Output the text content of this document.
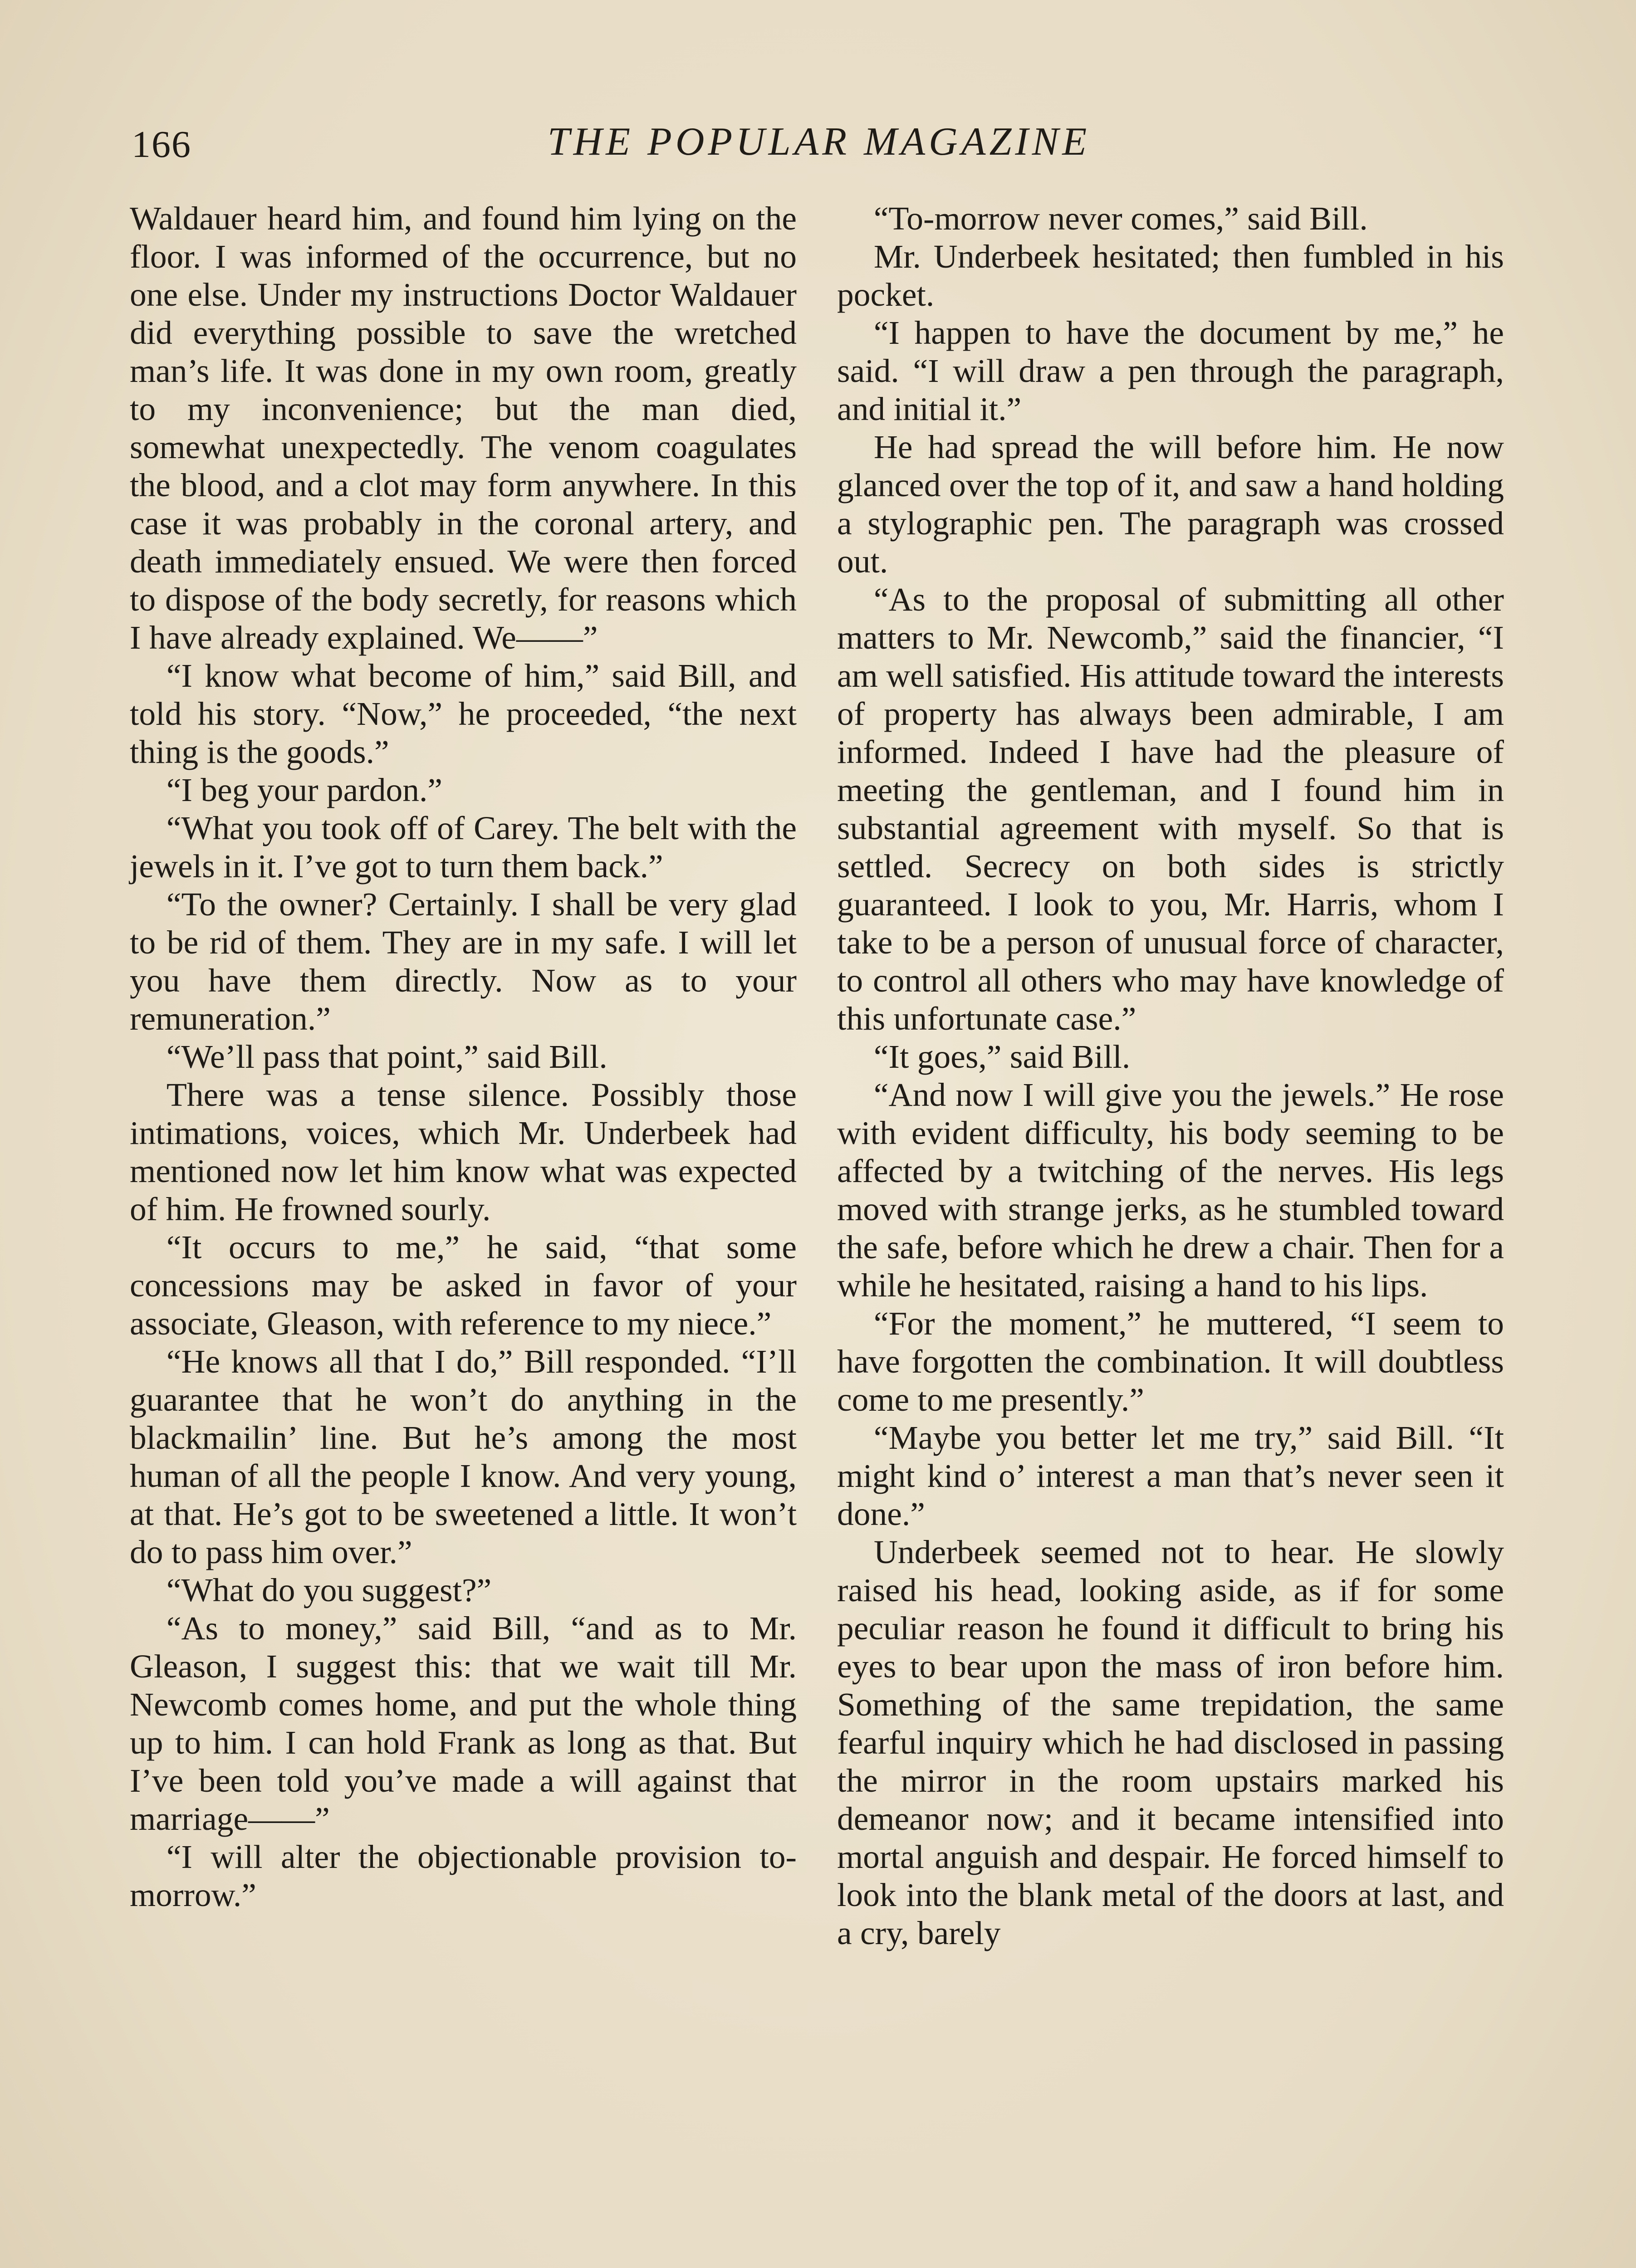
166	THE POPULAR MAGAZINE

Waldauer heard him, and found him lying on the floor. I was informed of the occurrence, but no one else. Under my instructions Doctor Waldauer did everything possible to save the wretched man’s life. It was done in my own room, greatly to my inconvenience; but the man died, somewhat unexpectedly. The venom coagulates the blood, and a clot may form anywhere. In this case it was probably in the coronal artery, and death immediately ensued. We were then forced to dispose of the body secretly, for reasons which I have already explained. We——”

“I know what become of him,” said Bill, and told his story. “Now,” he proceeded, “the next thing is the goods.”

“I beg your pardon.”

“What you took off of Carey. The belt with the jewels in it. I’ve got to turn them back.”

“To the owner? Certainly. I shall be very glad to be rid of them. They are in my safe. I will let you have them directly. Now as to your remuneration.”

“We’ll pass that point,” said Bill.

There was a tense silence. Possibly those intimations, voices, which Mr. Underbeek had mentioned now let him know what was expected of him. He frowned sourly.

“It occurs to me,” he said, “that some concessions may be asked in favor of your associate, Gleason, with reference to my niece.”

“He knows all that I do,” Bill responded. “I’ll guarantee that he won’t do anything in the blackmailin’ line. But he’s among the most human of all the people I know. And very young, at that. He’s got to be sweetened a little. It won’t do to pass him over.”

“What do you suggest?”

“As to money,” said Bill, “and as to Mr. Gleason, I suggest this: that we wait till Mr. Newcomb comes home, and put the whole thing up to him. I can hold Frank as long as that. But I’ve been told you’ve made a will against that marriage——”

“I will alter the objectionable provision to-morrow.”

“To-morrow never comes,” said Bill.

Mr. Underbeek hesitated; then fumbled in his pocket.

“I happen to have the document by me,” he said. “I will draw a pen through the paragraph, and initial it.”

He had spread the will before him. He now glanced over the top of it, and saw a hand holding a stylographic pen. The paragraph was crossed out.

“As to the proposal of submitting all other matters to Mr. Newcomb,” said the financier, “I am well satisfied. His attitude toward the interests of property has always been admirable, I am informed. Indeed I have had the pleasure of meeting the gentleman, and I found him in substantial agreement with myself. So that is settled. Secrecy on both sides is strictly guaranteed. I look to you, Mr. Harris, whom I take to be a person of unusual force of character, to control all others who may have knowledge of this unfortunate case.”

“It goes,” said Bill.

“And now I will give you the jewels.” He rose with evident difficulty, his body seeming to be affected by a twitching of the nerves. His legs moved with strange jerks, as he stumbled toward the safe, before which he drew a chair. Then for a while he hesitated, raising a hand to his lips.

“For the moment,” he muttered, “I seem to have forgotten the combination. It will doubtless come to me presently.”

“Maybe you better let me try,” said Bill. “It might kind o’ interest a man that’s never seen it done.”

Underbeek seemed not to hear. He slowly raised his head, looking aside, as if for some peculiar reason he found it difficult to bring his eyes to bear upon the mass of iron before him. Something of the same trepidation, the same fearful inquiry which he had disclosed in passing the mirror in the room upstairs marked his demeanor now; and it became intensified into mortal anguish and despair. He forced himself to look into the blank metal of the doors at last, and a cry, barely
